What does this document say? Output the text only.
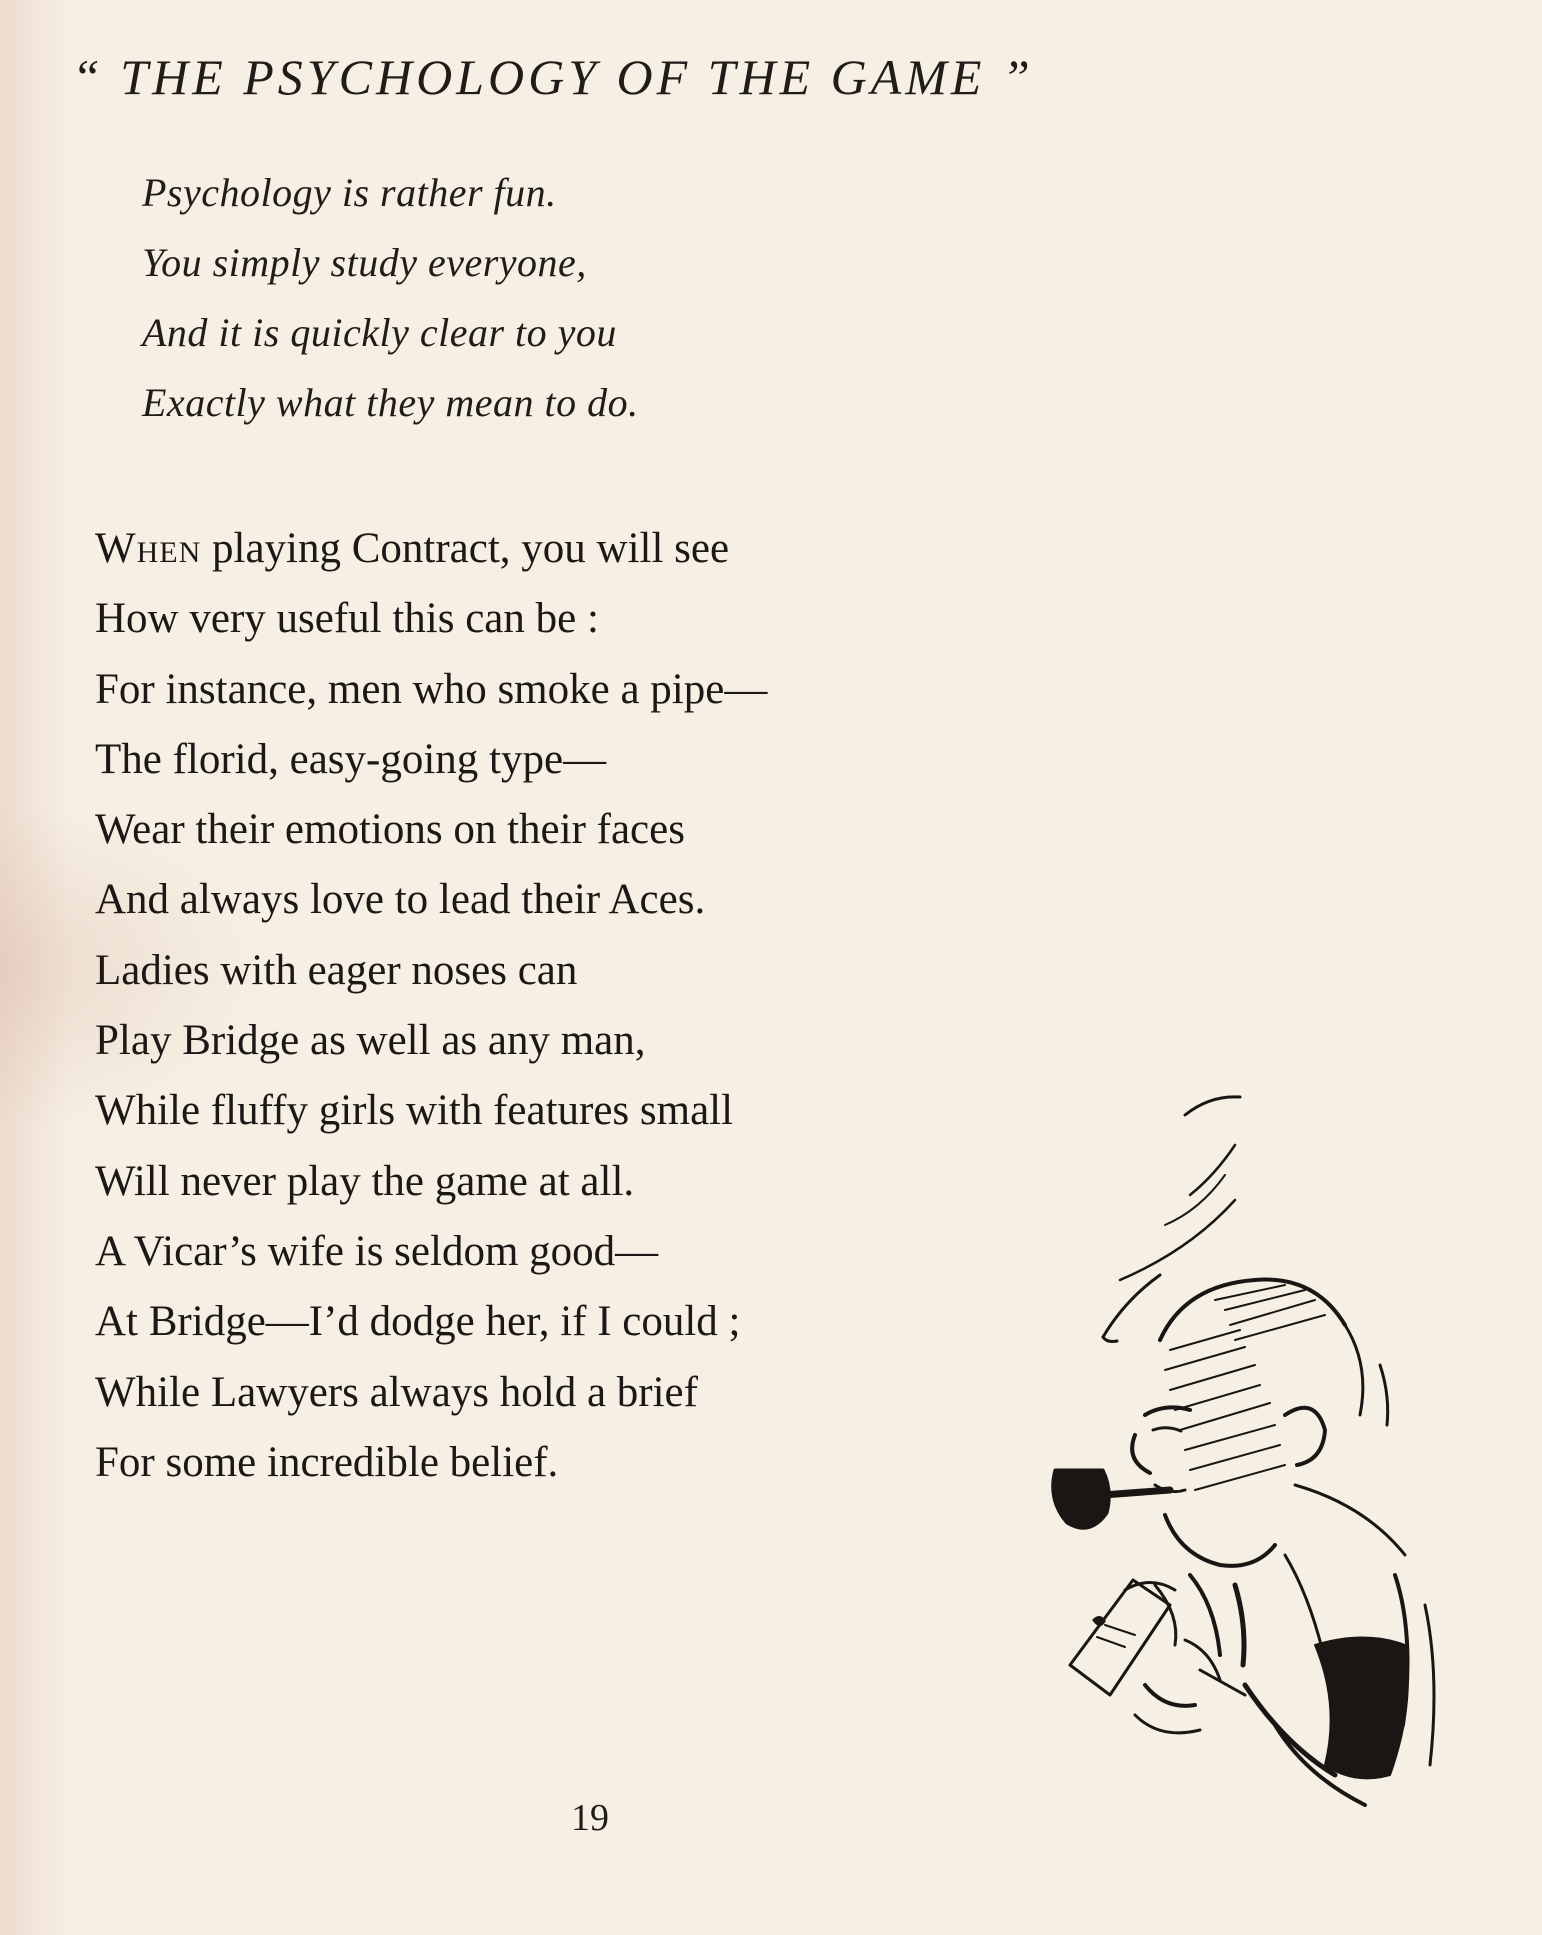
“ THE PSYCHOLOGY OF THE GAME ”
Psychology is rather fun.
You simply study everyone,
And it is quickly clear to you
Exactly what they mean to do.
When playing Contract, you will see
How very useful this can be :
For instance, men who smoke a pipe—
The florid, easy-going type—
Wear their emotions on their faces
And always love to lead their Aces.
Ladies with eager noses can
Play Bridge as well as any man,
While fluffy girls with features small
Will never play the game at all.
A Vicar’s wife is seldom good—
At Bridge—I’d dodge her, if I could ;
While Lawyers always hold a brief
For some incredible belief.
19
